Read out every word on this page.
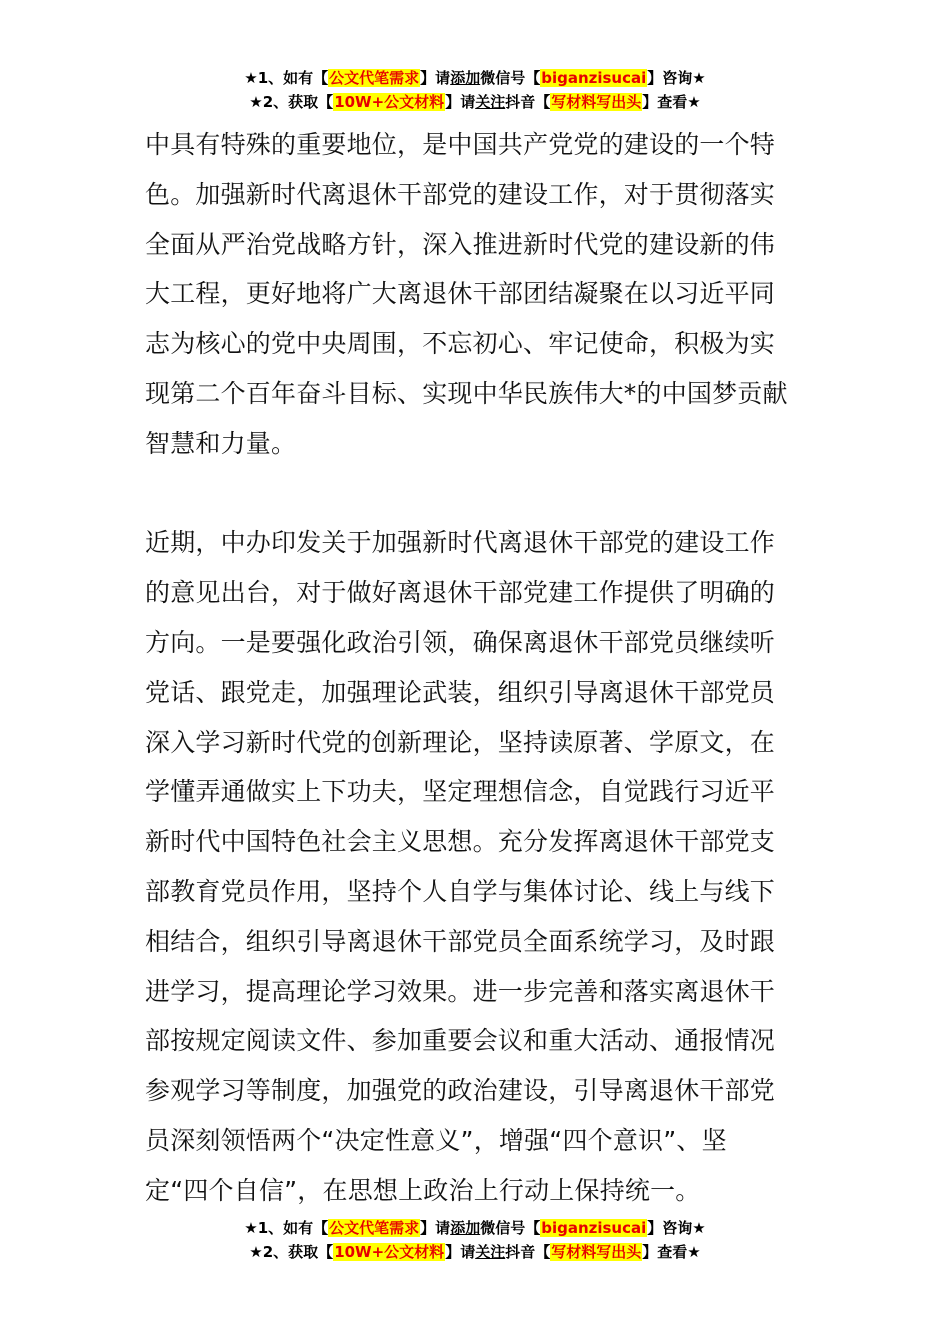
★1、如有【公文代笔需求】请添加微信号【biganzisucai】咨询★
★2、获取【10W+公文材料】请关注抖音【写材料写出头】查看★
中具有特殊的重要地位，是中国共产党党的建设的一个特
色。加强新时代离退休干部党的建设工作，对于贯彻落实
全面从严治党战略方针，深入推进新时代党的建设新的伟
大工程，更好地将广大离退休干部团结凝聚在以习近平同
志为核心的党中央周围，不忘初心、牢记使命，积极为实
现第二个百年奋斗目标、实现中华民族伟大*的中国梦贡献
智慧和力量。
近期，中办印发关于加强新时代离退休干部党的建设工作
的意见出台，对于做好离退休干部党建工作提供了明确的
方向。一是要强化政治引领，确保离退休干部党员继续听
党话、跟党走，加强理论武装，组织引导离退休干部党员
深入学习新时代党的创新理论，坚持读原著、学原文，在
学懂弄通做实上下功夫，坚定理想信念，自觉践行习近平
新时代中国特色社会主义思想。充分发挥离退休干部党支
部教育党员作用，坚持个人自学与集体讨论、线上与线下
相结合，组织引导离退休干部党员全面系统学习，及时跟
进学习，提高理论学习效果。进一步完善和落实离退休干
部按规定阅读文件、参加重要会议和重大活动、通报情况
参观学习等制度，加强党的政治建设，引导离退休干部党
员深刻领悟两个“决定性意义”，增强“四个意识”、坚
定“四个自信”，在思想上政治上行动上保持统一。
★1、如有【公文代笔需求】请添加微信号【biganzisucai】咨询★
★2、获取【10W+公文材料】请关注抖音【写材料写出头】查看★
